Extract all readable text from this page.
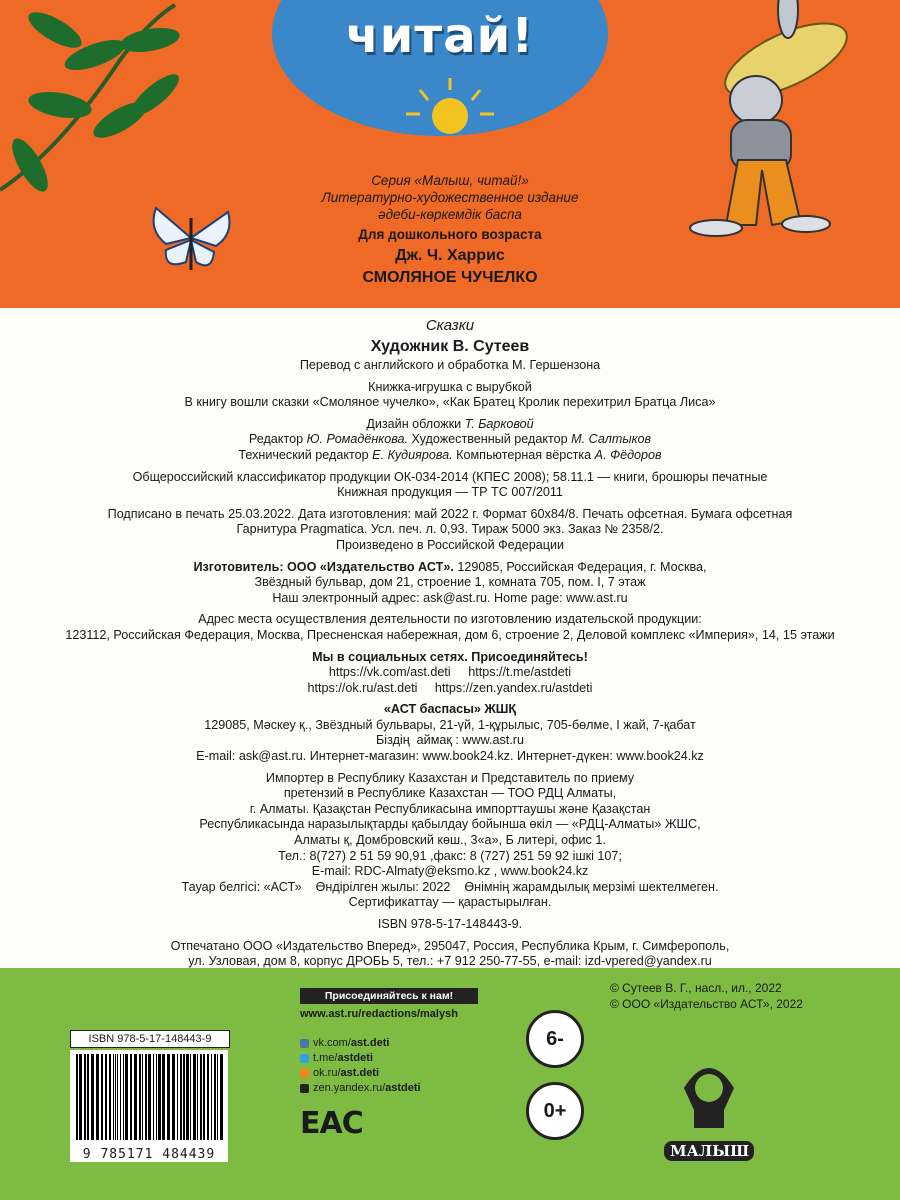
читай!
Серия «Малыш, читай!»
Литературно-художественное издание
әдеби-көркемдік баспа
Для дошкольного возраста
Дж. Ч. Харрис
СМОЛЯНОЕ ЧУЧЕЛКО
Сказки
Художник В. Сутеев
Перевод с английского и обработка М. Гершензона
Книжка-игрушка с вырубкой
В книгу вошли сказки «Смоляное чучелко», «Как Братец Кролик перехитрил Братца Лиса»
Дизайн обложки Т. Барковой
Редактор Ю. Ромадёнкова. Художественный редактор М. Салтыков
Технический редактор Е. Кудиярова. Компьютерная вёрстка А. Фёдоров
Общероссийский классификатор продукции ОК-034-2014 (КПЕС 2008); 58.11.1 — книги, брошюры печатные
Книжная продукция — ТР ТС 007/2011
Подписано в печать 25.03.2022. Дата изготовления: май 2022 г. Формат 60x84/8. Печать офсетная. Бумага офсетная
Гарнитура Pragmatica. Усл. печ. л. 0,93. Тираж 5000 экз. Заказ № 2358/2.
Произведено в Российской Федерации
Изготовитель: ООО «Издательство АСТ». 129085, Российская Федерация, г. Москва,
Звёздный бульвар, дом 21, строение 1, комната 705, пом. I, 7 этаж
Наш электронный адрес: ask@ast.ru. Home page: www.ast.ru
Адрес места осуществления деятельности по изготовлению издательской продукции:
123112, Российская Федерация, Москва, Пресненская набережная, дом 6, строение 2, Деловой комплекс «Империя», 14, 15 этажи
Мы в социальных сетях. Присоединяйтесь!
https://vk.com/ast.deti     https://t.me/astdeti
https://ok.ru/ast.deti     https://zen.yandex.ru/astdeti
«АСТ баспасы» ЖШҚ
129085, Мәскеу қ., Звёздный бульвары, 21-үй, 1-құрылыс, 705-бөлме, I жай, 7-қабат
Біздің  аймақ : www.ast.ru
E-mail: ask@ast.ru. Интернет-магазин: www.book24.kz. Интернет-дүкен: www.book24.kz
Импортер в Республику Казахстан и Представитель по приему
претензий в Республике Казахстан — ТОО РДЦ Алматы,
г. Алматы. Қазақстан Республикасына импорттаушы және Қазақстан
Республикасында наразылықтарды қабылдау бойынша өкіл — «РДЦ-Алматы» ЖШС,
Алматы қ, Домбровский көш., 3«а», Б литері, офис 1.
Тел.: 8(727) 2 51 59 90,91 ,факс: 8 (727) 251 59 92 ішкі 107;
E-mail: RDC-Almaty@eksmo.kz , www.book24.kz
Тауар белгісі: «АСТ»    Өндірілген жылы: 2022    Өнімнің жарамдылық мерзімі шектелмеген.
Сертификаттау — қарастырылған.
ISBN 978-5-17-148443-9.
Отпечатано ООО «Издательство Вперед», 295047, Россия, Республика Крым, г. Симферополь,
ул. Узловая, дом 8, корпус ДРОБЬ 5, тел.: +7 912 250-77-55, e-mail: izd-vpered@yandex.ru
ISBN 978-5-17-148443-9
9 785171 484439
Присоединяйтесь к нам!
www.ast.ru/redactions/malysh
vk.com/ ast.deti
t.me/ astdeti
ok.ru/ ast.deti
zen.yandex.ru/ astdeti
EAC
6-
0+
© Сутеев В. Г., насл., ил., 2022
© ООО «Издательство АСТ», 2022
МАЛЫШ
